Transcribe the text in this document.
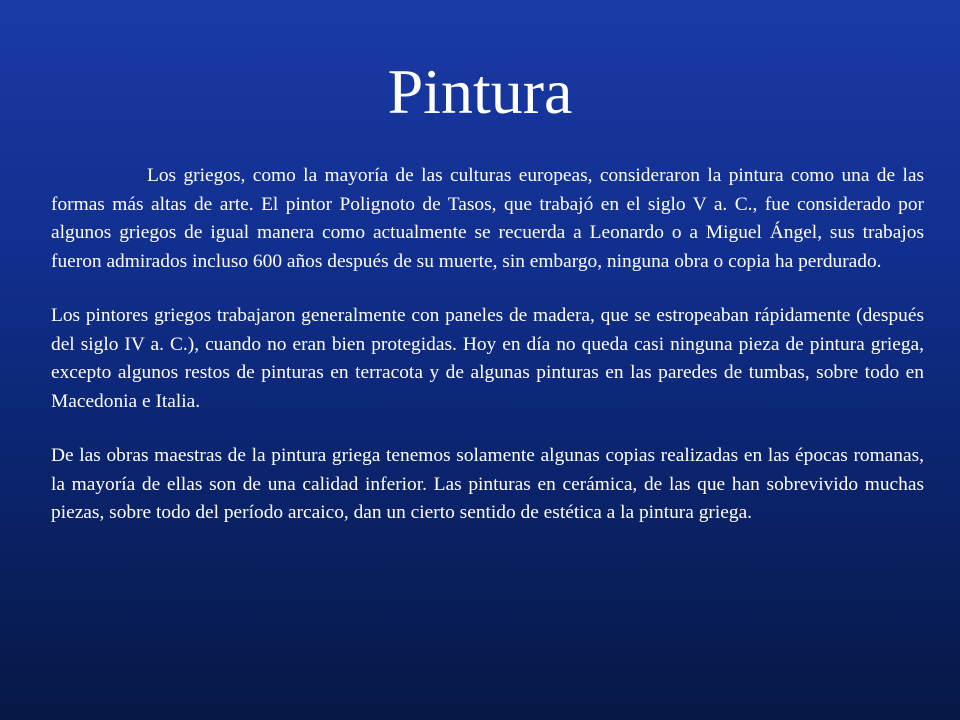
Pintura

Los griegos, como la mayoría de las culturas europeas, consideraron la pintura como una de las formas más altas de arte. El pintor Polignoto de Tasos, que trabajó en el siglo V a. C., fue considerado por algunos griegos de igual manera como actualmente se recuerda a Leonardo o a Miguel Ángel, sus trabajos fueron admirados incluso 600 años después de su muerte, sin embargo, ninguna obra o copia ha perdurado.

Los pintores griegos trabajaron generalmente con paneles de madera, que se estropeaban rápidamente (después del siglo IV a. C.), cuando no eran bien protegidas. Hoy en día no queda casi ninguna pieza de pintura griega, excepto algunos restos de pinturas en terracota y de algunas pinturas en las paredes de tumbas, sobre todo en Macedonia e Italia.

De las obras maestras de la pintura griega tenemos solamente algunas copias realizadas en las épocas romanas, la mayoría de ellas son de una calidad inferior. Las pinturas en cerámica, de las que han sobrevivido muchas piezas, sobre todo del período arcaico, dan un cierto sentido de estética a la pintura griega.
